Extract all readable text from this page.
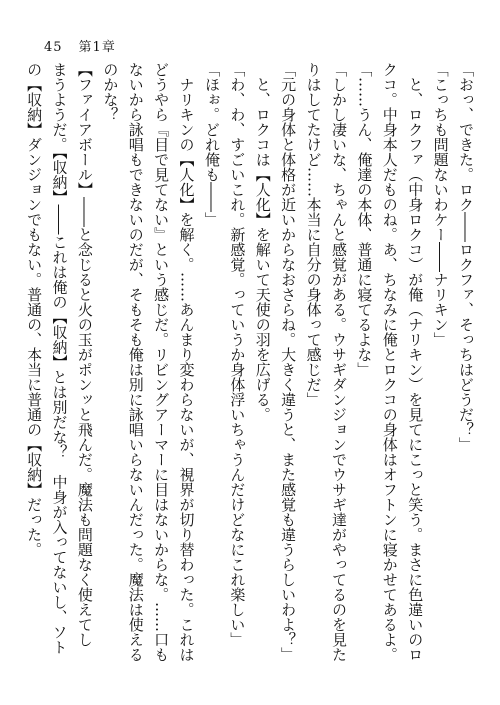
45 第1章

「おっ、できた。ロク――ロクファ、そっちはどうだ？」

「こっちも問題ないわケー――ナリキン」

　と、ロクファ（中身ロクコ）が俺（ナリキン）を見てにこっと笑う。まさに色違いのロ

クコ。中身本人だものね。あ、ちなみに俺とロクコの身体はオフトンに寝かせてあるよ。

「……うん、俺達の本体、普通に寝てるよな」

「しかし凄いな、ちゃんと感覚がある。ウサギダンジョンでウサギ達がやってるのを見た

りはしてたけど……本当に自分の身体って感じだ」

「元の身体と体格が近いからなおさらね。大きく違うと、また感覚も違うらしいわよ？」

　と、ロクコは【人化】を解いて天使の羽を広げる。

「わ、わ、すごいこれ。新感覚。っていうか身体浮いちゃうんだけどなにこれ楽しい」

「ほぉ。どれ俺も――」

　ナリキンの【人化】を解く。……あんまり変わらないが、視界が切り替わった。これは

どうやら『目で見てない』という感じだ。リビングアーマーに目はないからな。……口も

ないから詠唱もできないのだが、そもそも俺は別に詠唱いらないんだった。魔法は使える

のかな？

【ファイアボール】――と念じると火の玉がポンッと飛んだ。魔法も問題なく使えてし

まうようだ。【収納】――これは俺の【収納】とは別だな？　中身が入ってないし、ソト

の【収納】ダンジョンでもない。普通の、本当に普通の【収納】だった。
